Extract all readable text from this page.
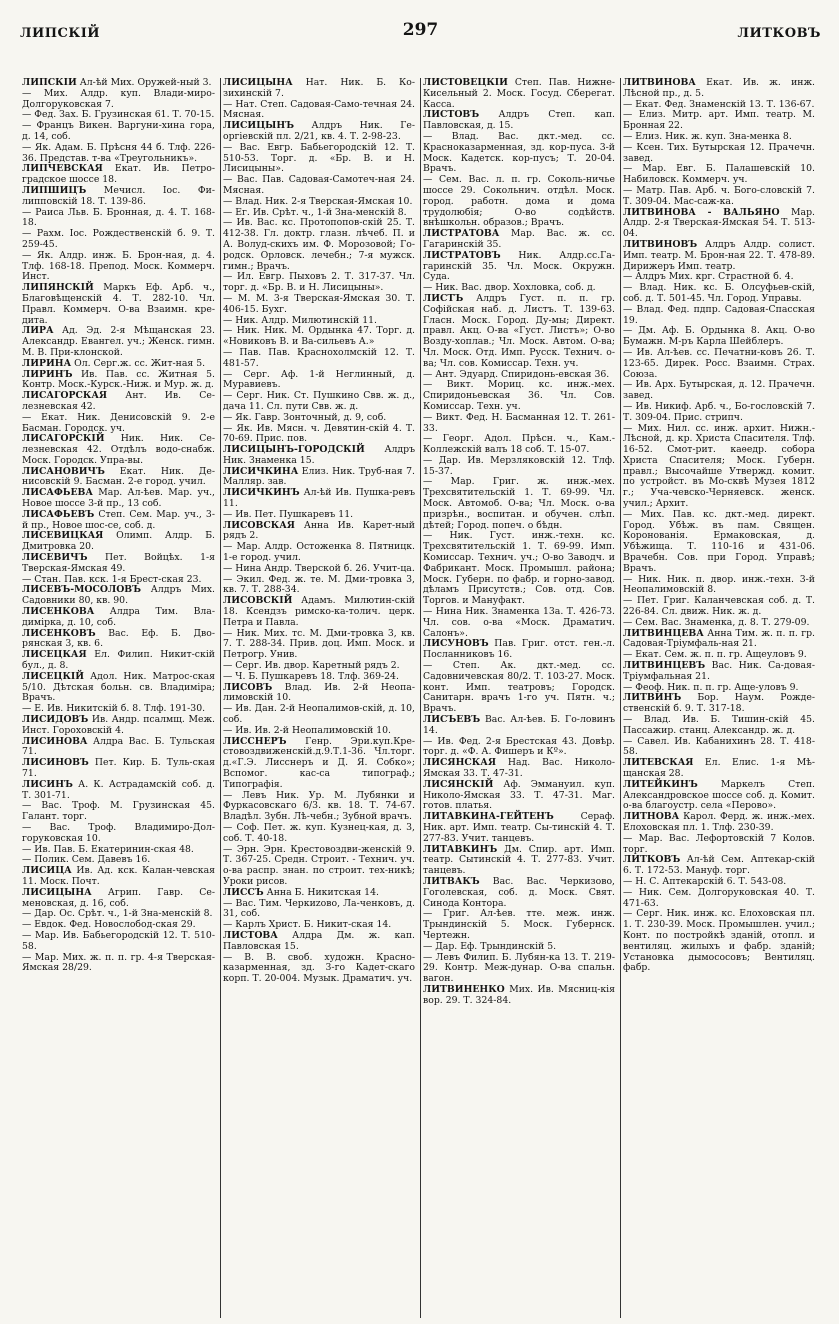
ЛИПСКІЙ	297	ЛИТКОВЪ

ЛИПСКІЙ Ал-ѣй Мих. Оружей-ный 3.

— Мих. Алдр. куп. Влади-миро-Долгоруковская 7.

— Фед. Зах. Б. Грузинская 61. Т. 70-15.

— Францъ Викен. Варгуни-хина гора, д. 14, соб.

— Як. Адам. Б. Прѣсня 44 б. Тлф. 226-36. Представ. т-ва «Треугольникъ».

ЛИПЧЕВСКАЯ Екат. Ив. Петро-градское шоссе 18.

ЛИПШИЦЪ Мечисл. Іос. Фи-липповскій 18. Т. 139-86.

— Раиса Льв. Б. Бронная, д. 4. Т. 168-18.

— Рахм. Іос. Рождественскій б. 9. Т. 259-45.

— Як. Алдр. инж. Б. Брон-ная, д. 4. Тлф. 168-18. Препод. Моск. Коммерч. Инст.

ЛИПЯНСКІЙ Маркъ Еф. Арб. ч., Благовѣщенскій 4. Т. 282-10. Чл. Правл. Коммерч. О-ва Взаимн. кре-дита.

ЛИРА Ад. Эд. 2-я Мѣщанская 23. Александр. Евангел. уч.; Женск. гимн. М. В. При-клонской.

ЛИРИНА Ол. Серг.ж. сс. Жит-ная 5.

ЛИРИНЪ Ив. Пав. сс. Житная 5. Контр. Моск.-Курск.-Ниж. и Мур. ж. д.

ЛИСАГОРСКАЯ Ант. Ив. Се-лезневская 42.

— Екат. Ник. Денисовскій 9. 2-е Басман. Городск. уч.

ЛИСАГОРСКІЙ Ник. Ник. Се-лезневская 42. Отдѣлъ водо-снабж. Моск. Городск. Упра-вы.

ЛИСАНОВИЧЪ Екат. Ник. Де-нисовскій 9. Басман. 2-е город. учил.

ЛИСАФЬЕВА Мар. Ал-ѣев. Мар. уч., Новое шоссе 3-й пр., 13 соб.

ЛИСАФЬЕВЪ Степ. Сем. Мар. уч., 3-й пр., Новое шос-се, соб. д.

ЛИСЕВИЦКАЯ Олимп. Алдр. Б. Дмитровка 20.

ЛИСЕВИЧЪ Пет. Войцѣх. 1-я Тверская-Ямская 49.

— Стан. Пав. кск. 1-я Брест-ская 23.

ЛИСЕВЪ-МОСОЛОВЪ Алдръ Мих. Садовники 80, кв. 90.

ЛИСЕНКОВА Алдра Тим. Вла-димірка, д. 10, соб.

ЛИСЕНКОВЪ Вас. Еф. Б. Дво-рянская 3, кв. 6.

ЛИСЕЦКАЯ Ел. Филип. Никит-скій бул., д. 8.

ЛИСЕЦКІЙ Адол. Ник. Матрос-ская 5/10. Дѣтская больн. св. Владиміра; Врачъ.

— Е. Ив. Никитскій б. 8. Тлф. 191-30.

ЛИСИДОВЪ Ив. Андр. псалмщ. Меж. Инст. Гороховскій 4.

ЛИСИНОВА Алдра Вас. Б. Тульская 71.

ЛИСИНОВЪ Пет. Кир. Б. Туль-ская 71.

ЛИСИНЪ А. К. Астрадамскій соб. д. Т. 301-71.

— Вас. Троф. М. Грузинская 45. Галант. торг.

— Вас. Троф. Владимиро-Дол-горуковская 10.

— Ив. Пав. Б. Екатеринин-ская 48.

— Полик. Сем. Давевъ 16.

ЛИСИЦА Ив. Ад. кск. Калан-чевская 11. Моск. Почт.

ЛИСИЦЫНА Агрип. Гавр. Се-меновская, д. 16, соб.

— Дар. Ос. Срѣт. ч., 1-й Зна-менскій 8.

— Евдок. Фед. Новослобод-ская 29.

— Мар. Ив. Бабьегородскій 12. Т. 510-58.

— Мар. Мих. ж. п. п. гр. 4-я Тверская-Ямская 28/29.

ЛИСИЦЫНА Нат. Ник. Б. Ко-зихинскій 7.

— Нат. Степ. Садовая-Само-течная 24. Мясная.

ЛИСИЦЫНЪ Алдръ Ник. Ге-оргіевскій пл. 2/21, кв. 4. Т. 2-98-23.

— Вас. Евгр. Бабьегородскій 12. Т. 510-53. Торг. д. «Бр. В. и Н. Лисицыны».

— Вас. Пав. Садовая-Самотеч-ная 24. Мясная.

— Влад. Ник. 2-я Тверская-Ямская 10.

— Ег. Ив. Срѣт. ч., 1-й Зна-менскій 8.

— Ив. Вас. кс. Протопопов-скій 25. Т. 412-38. Гл. доктр. глазн. лѣчеб. П. и А. Волуд-скихъ им. Ф. Морозовой; Го-родск. Орловск. лечебн.; 7-я мужск. гимн.; Врачъ.

— Ил. Евгр. Пыховъ 2. Т. 317-37. Чл. торг. д. «Бр. В. и Н. Лисицыны».

— М. М. 3-я Тверская-Ямская 30. Т. 406-15. Бухг.

— Ник. Алдр. Милютинскій 11.

— Ник. Ник. М. Ордынка 47. Торг. д. «Новиковъ В. и Ва-сильевъ А.»

— Пав. Пав. Краснохолмскій 12. Т. 481-57.

— Серг. Аф. 1-й Неглинный, д. Муравиевъ.

— Серг. Ник. Ст. Пушкино Свв. ж. д., дача 11. Сл. пути Свв. ж. д.

— Як. Гавр. Зонточный, д. 9, соб.

— Як. Ив. Мясн. ч. Девятин-скій 4. Т. 70-69. Прис. пов.

ЛИСИЦЫНЪ-ГОРОДСКІЙ Алдръ Ник. Знаменка 15.

ЛИСИЧКИНА Елиз. Ник. Труб-ная 7. Малляр. зав.

ЛИСИЧКИНЪ Ал-ѣй Ив. Пушка-ревъ 11.

— Ив. Пет. Пушкаревъ 11.

ЛИСОВСКАЯ Анна Ив. Карет-ный рядъ 2.

— Мар. Алдр. Остоженка 8. Пятницк. 1-е город. учил.

— Нина Андр. Тверской б. 26. Учит-ца.

— Экил. Фед. ж. те. М. Дми-тровка 3, кв. 7. Т. 288-34.

ЛИСОВСКІЙ Адамъ. Милютин-скій 18. Ксендзъ римско-ка-толич. церк. Петра и Павла.

— Ник. Мих. тс. М. Дми-тровка 3, кв. 7. Т. 288-34. Прив. доц. Имп. Моск. и Петрогр. Унив.

— Серг. Ив. двор. Каретный рядъ 2.

— Ч. Б. Пушкаревъ 18. Тлф. 369-24.

ЛИСОВЪ Влад. Ив. 2-й Неопа-лимовскій 10.

— Ив. Дан. 2-й Неопалимов-скій, д. 10, соб.

— Ив. Ив. 2-й Неопалимовскій 10.

ЛИССНЕРЪ Генр. Эри.куп.Кре-стовоздвиженскій.д.9.Т.1-36. Чл.торг. д.«Г.Э. Лисснеръ и Д. Я. Собко»; Вспомог. кас-са типограф.; Типографія.

— Левъ Ник. Ур. М. Лубянки и Фуркасовскаго 6/3. кв. 18. Т. 74-67. Владѣл. Зубн. Лѣ-чебн.; Зубной врачъ.

— Соф. Пет. ж. куп. Кузнец-кая, д. 3, соб. Т. 40-18.

— Эрн. Эрн. Крестовоздви-женскій 9. Т. 367-25. Средн. Строит. - Технич. уч. о-ва распр. знан. по строит. тех-никѣ; Уроки рисов.

ЛИССЪ Анна Б. Никитская 14.

— Вас. Тим. Черкиzово, Ла-ченковъ, д. 31, соб.

— Карлъ Христ. Б. Никит-ская 14.

ЛИСТОВА Алдра Дм. ж. кап. Павловская 15.

— В. В. своб. художн. Красно-казарменная, зд. 3-го Кадет-скаго корп. Т. 20-004. Музык. Драматич. уч.

ЛИСТОВЕЦКІЙ Степ. Пав. Нижне-Кисельный 2. Моск. Госуд. Сберегат. Касса.

ЛИСТОВЪ Алдръ Степ. кап. Павловская, д. 15.

— Влад. Вас. дкт.-мед. сс. Красноказарменная, зд. кор-пуса. 3-й Моск. Кадетск. кор-пусъ; Т. 20-04. Врачъ.

— Сем. Вас. л. п. гр. Соколь-ничье шоссе 29. Сокольнич. отдѣл. Моск. город. работн. дома и дома трудолюбія; О-во содѣйств. внѣшкольн. образов.; Врачъ.

ЛИСТРАТОВА Мар. Вас. ж. сс. Гагаринскій 35.

ЛИСТРАТОВЪ Ник. Алдр.сс.Га-гаринскій 35. Чл. Моск. Окружн. Суда.

— Ник. Вас. двор. Хохловка, соб. д.

ЛИСТЪ Алдръ Густ. п. п. гр. Софійская наб. д. Листъ. Т. 139-63. Гласн. Моск. Город. Ду-мы; Директ. правл. Акц. О-ва «Густ. Листъ»; О-во Возду-хоплав.; Чл. Моск. Автом. О-ва; Чл. Моск. Отд. Имп. Русск. Технич. о-ва; Чл. сов. Комиссар. Техн. уч.

— Ант. Эдуард. Спиридонь-евская 36.

— Викт. Мориц. кс. инж.-мех. Спиридоньевская 36. Чл. Сов. Комиссар. Техн. уч.

— Викт. Фед. Н. Басманная 12. Т. 261-33.

— Георг. Адол. Прѣсн. ч., Кам.-Коллежскій валъ 18 соб. Т. 15-07.

— Дар. Ив. Мерзляковскій 12. Тлф. 15-37.

— Мар. Григ. ж. инж.-мех. Трехсвятительскій 1. Т. 69-99. Чл. Моск. Автомоб. О-ва; Чл. Моск. о-ва призрѣн., воспитан. и обучен. слѣп. дѣтей; Город. попеч. о бѣдн.

— Ник. Густ. инж.-техн. кс. Трехсвятительскій 1. Т. 69-99. Имп. Комиссар. Технич. уч.; О-во Заводч. и Фабрикант. Моск. Промышл. района; Моск. Губерн. по фабр. и горно-завод. дѣламъ Присутств.; Сов. отд. Сов. Торгов. и Мануфакт.

— Нина Ник. Знаменка 13а. Т. 426-73. Чл. сов. о-ва «Моск. Драматич. Салонъ».

ЛИСУНОВЪ Пав. Григ. отст. ген.-л. Посланниковъ 16.

— Степ. Ак. дкт.-мед. сс. Садовничевская 80/2. Т. 103-27. Моск. конт. Имп. театровъ; Городск. Санитарн. врачъ 1-го уч. Пятн. ч.; Врачъ.

ЛИСЪЕВЪ Вас. Ал-ѣев. Б. Го-ловинъ 14.

— Ив. Фед. 2-я Брестская 43. Довѣр. торг. д. «Ф. А. Фишеръ и Кº».

ЛИСЯНСКАЯ Над. Вас. Николо-Ямская 33. Т. 47-31.

ЛИСЯНСКІЙ Аф. Эммануил. куп. Николо-Ямская 33. Т. 47-31. Маг. готов. платья.

ЛИТАВКИНА-ГЕЙТЕНЪ Сераф. Ник. арт. Имп. театр. Сы-тинскій 4. Т. 277-83. Учит. танцевъ.

ЛИТАВКИНЪ Дм. Спир. арт. Имп. театр. Сытинскій 4. Т. 277-83. Учит. танцевъ.

ЛИТВАКЪ Вас. Вас. Черкизово, Гоголевская, соб. д. Моск. Свят. Синода Контора.

— Григ. Ал-ѣев. тте. меж. инж. Трындинскій 5. Моск. Губернск. Чертежн.

— Дар. Еф. Трындинскій 5.

— Левъ Филип. Б. Лубян-ка 13. Т. 219-29. Контр. Меж-дунар. О-ва спальн. вагон.

ЛИТВИНЕНКО Мих. Ив. Мясниц-кія вор. 29. Т. 324-84.

ЛИТВИНОВА Екат. Ив. ж. инж. Лѣсной пр., д. 5.

— Екат. Фед. Знаменскій 13. Т. 136-67.

— Елиз. Митр. арт. Имп. театр. М. Бронная 22.

— Елиз. Ник. ж. куп. Зна-менка 8.

— Ксен. Тих. Бутырская 12. Прачечн. завед.

— Мар. Евг. Б. Палашевскій 10. Набиловск. Коммерч. уч.

— Матр. Пав. Арб. ч. Бого-словскій 7. Т. 309-04. Мас-саж-ка.

ЛИТВИНОВА - ВАЛЬЯНО Мар. Алдр. 2-я Тверская-Ямская 54. Т. 513-04.

ЛИТВИНОВЪ Алдръ Алдр. солист. Имп. театр. М. Брон-ная 22. Т. 478-89. Дирижеръ Имп. театр.

— Алдръ Мих. крг. Страстной б. 4.

— Влад. Ник. кс. Б. Олсуфьев-скій, соб. д. Т. 501-45. Чл. Город. Управы.

— Влад. Фед. пдпр. Садовая-Спасская 19.

— Дм. Аф. Б. Ордынка 8. Акц. О-во Бумажн. М-ръ Карла Шейблеръ.

— Ив. Ал-ѣев. сс. Печатни-ковъ 26. Т. 123-65. Дирек. Росс. Взаимн. Страх. Союза.

— Ив. Арх. Бутырская, д. 12. Прачечн. завед.

— Ив. Никиф. Арб. ч., Бо-гословскій 7. Т. 309-04. Прис. стрипч.

— Мих. Нил. сс. инж. архит. Нижн.-Лѣсной, д. кр. Христа Спасителя. Тлф. 16-52. Смот-рит. каѳедр. собора Христа Спасителя; Моск. Губерн. правл.; Высочайше Утвержд. комит. по устройст. въ Мо-сквѣ Музея 1812 г.; Уча-чевско-Черняевск. женск. учил.; Архит.

— Мих. Пав. кс. дкт.-мед. директ. Город. Убѣж. въ пам. Священ. Коронованія. Ермаковская, д. Убѣжища. Т. 110-16 и 431-06. Врачебн. Сов. при Город. Управѣ; Врачъ.

— Ник. Ник. п. двор. инж.-техн. 3-й Неопалимовскій 8.

— Пет. Григ. Каланчевская соб. д. Т. 226-84. Сл. движ. Ник. ж. д.

— Сем. Вас. Знаменка, д. 8. Т. 279-09.

ЛИТВИНЦЕВА Анна Тим. ж. п. п. гр. Садовая-Тріумфаль-ная 21.

— Екат. Сем. ж. п. п. гр. Ащеуловъ 9.

ЛИТВИНЦЕВЪ Вас. Ник. Са-довая-Тріумфальная 21.

— Феоф. Ник. п. п. гр. Аще-уловъ 9.

ЛИТВИНЪ Бор. Наум. Рожде-ственскій б. 9. Т. 317-18.

— Влад. Ив. Б. Тишин-скій 45. Пассажир. станц. Александр. ж. д.

— Савел. Ив. Кабанихинъ 28. Т. 418-58.

ЛИТЕВСКАЯ Ел. Елис. 1-я Мѣ-щанская 28.

ЛИТЕЙКИНЪ Маркелъ Степ. Александровское шоссе соб. д. Комит. о-ва благоустр. села «Перово».

ЛИТНОВА Карол. Ферд. ж. инж.-мех. Елоховская пл. 1. Тлф. 230-39.

— Мар. Вас. Лефортовскій 7 Колов. торг.

ЛИТКОВЪ Ал-ѣй Сем. Аптекар-скій 6. Т. 172-53. Мануф. торг.

— Н. С. Аптекарскій 6. Т. 543-08.

— Ник. Сем. Долгоруковская 40. Т. 471-63.

— Серг. Ник. инж. кс. Елоховская пл. 1. Т. 230-39. Моск. Промышлен. учил.; Конт. по постройкѣ зданій, отопл. и вентиляц. жилыхъ и фабр. зданій; Установка дымососовъ; Вентиляц. фабр.
